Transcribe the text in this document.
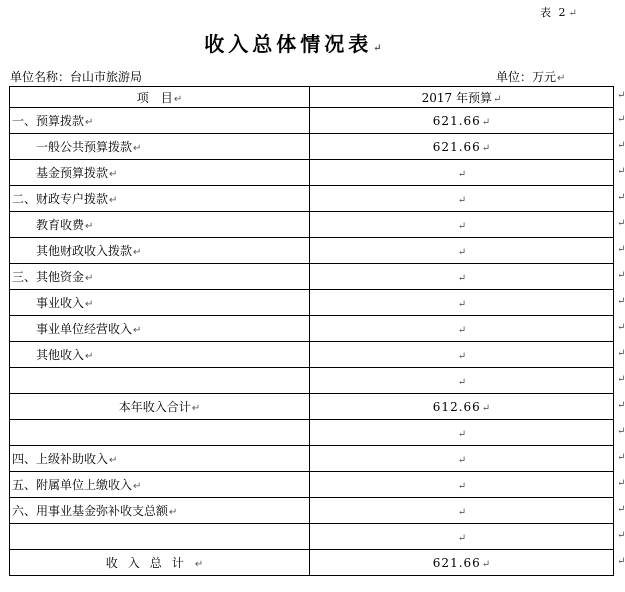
表 2↵
收入总体情况表↵
单位名称：台山市旅游局	单位：万元↵
项　目↵	2017 年预算↵
一、预算拨款↵	621.66↵
一般公共预算拨款↵	621.66↵
基金预算拨款↵	↵
二、财政专户拨款↵	↵
教育收费↵	↵
其他财政收入拨款↵	↵
三、其他资金↵	↵
事业收入↵	↵
事业单位经营收入↵	↵
其他收入↵	↵
	↵
本年收入合计↵	612.66↵
	↵
四、上级补助收入↵	↵
五、附属单位上缴收入↵	↵
六、用事业基金弥补收支总额↵	↵
	↵
收入总计↵	621.66↵
↵
↵
↵
↵
↵
↵
↵
↵
↵
↵
↵
↵
↵
↵
↵
↵
↵
↵
↵
